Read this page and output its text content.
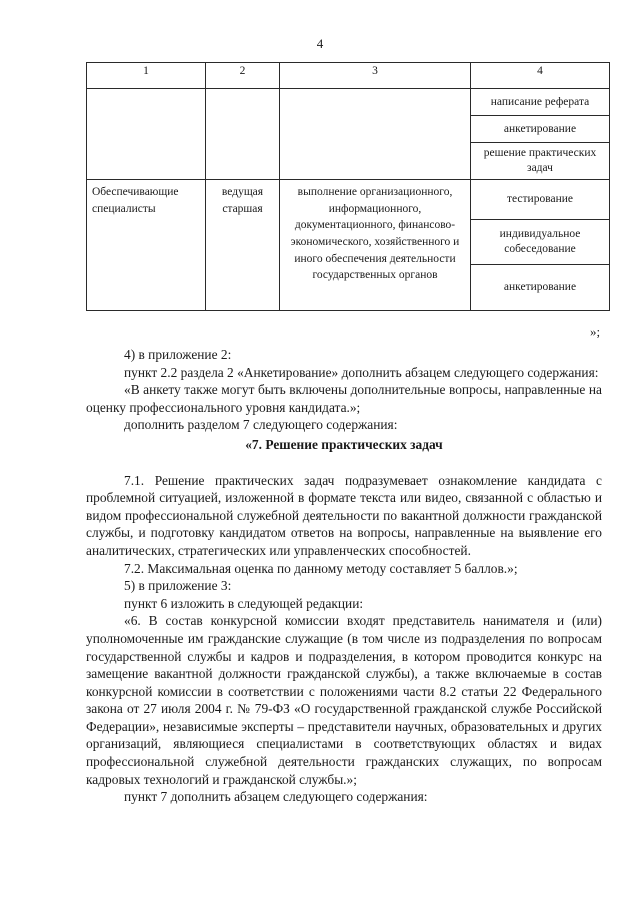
4
1	2	3	4
			написание реферата
			анкетирование
			решение практических задач
Обеспечивающие специалисты	ведущая старшая	выполнение организационного, информационного, документационного, финансово-экономического, хозяйственного и иного обеспечения деятельности государственных органов	тестирование
			индивидуальное собеседование
			анкетирование
»;

4) в приложение 2:

пункт 2.2 раздела 2 «Анкетирование» дополнить абзацем следующего содержания:

«В анкету также могут быть включены дополнительные вопросы, направленные на оценку профессионального уровня кандидата.»;

дополнить разделом 7 следующего содержания:

«7. Решение практических задач

7.1. Решение практических задач подразумевает ознакомление кандидата с проблемной ситуацией, изложенной в формате текста или видео, связанной с областью и видом профессиональной служебной деятельности по вакантной должности гражданской службы, и подготовку кандидатом ответов на вопросы, направленные на выявление его аналитических, стратегических или управленческих способностей.

7.2. Максимальная оценка по данному методу составляет 5 баллов.»;

5) в приложение 3:

пункт 6 изложить в следующей редакции:

«6. В состав конкурсной комиссии входят представитель нанимателя и (или) уполномоченные им гражданские служащие (в том числе из подразделения по вопросам государственной службы и кадров и подразделения, в котором проводится конкурс на замещение вакантной должности гражданской службы), а также включаемые в состав конкурсной комиссии в соответствии с положениями части 8.2 статьи 22 Федерального закона от 27 июля 2004 г. № 79-ФЗ «О государственной гражданской службе Российской Федерации», независимые эксперты – представители научных, образовательных и других организаций, являющиеся специалистами в соответствующих областях и видах профессиональной служебной деятельности гражданских служащих, по вопросам кадровых технологий и гражданской службы.»;

пункт 7 дополнить абзацем следующего содержания:
